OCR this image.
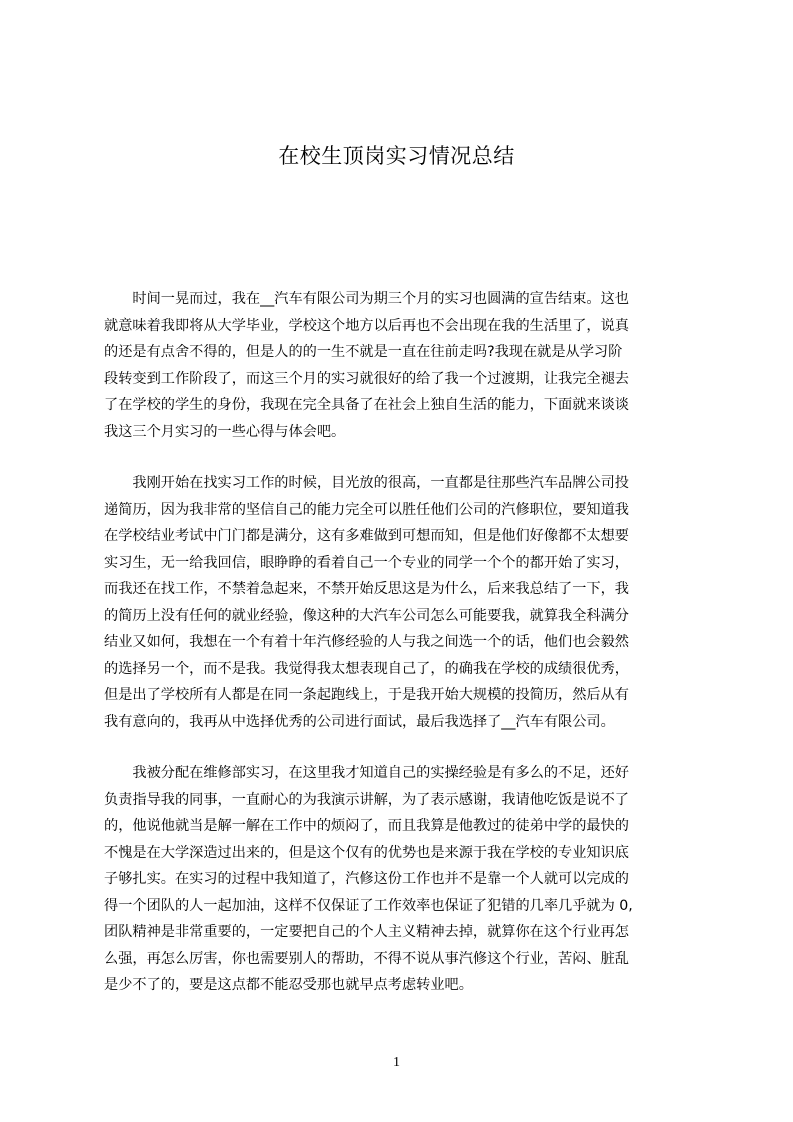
在校生顶岗实习情况总结

　　时间一晃而过，我在__汽车有限公司为期三个月的实习也圆满的宣告结束。这也
就意味着我即将从大学毕业，学校这个地方以后再也不会出现在我的生活里了，说真
的还是有点舍不得的，但是人的的一生不就是一直在往前走吗?我现在就是从学习阶
段转变到工作阶段了，而这三个月的实习就很好的给了我一个过渡期，让我完全褪去
了在学校的学生的身份，我现在完全具备了在社会上独自生活的能力，下面就来谈谈
我这三个月实习的一些心得与体会吧。

　　我刚开始在找实习工作的时候，目光放的很高，一直都是往那些汽车品牌公司投
递简历，因为我非常的坚信自己的能力完全可以胜任他们公司的汽修职位，要知道我
在学校结业考试中门门都是满分，这有多难做到可想而知，但是他们好像都不太想要
实习生，无一给我回信，眼睁睁的看着自己一个专业的同学一个个的都开始了实习，
而我还在找工作，不禁着急起来，不禁开始反思这是为什么，后来我总结了一下，我
的简历上没有任何的就业经验，像这种的大汽车公司怎么可能要我，就算我全科满分
结业又如何，我想在一个有着十年汽修经验的人与我之间选一个的话，他们也会毅然
的选择另一个，而不是我。我觉得我太想表现自己了，的确我在学校的成绩很优秀，
但是出了学校所有人都是在同一条起跑线上，于是我开始大规模的投简历，然后从有
我有意向的，我再从中选择优秀的公司进行面试，最后我选择了__汽车有限公司。

　　我被分配在维修部实习，在这里我才知道自己的实操经验是有多么的不足，还好
负责指导我的同事，一直耐心的为我演示讲解，为了表示感谢，我请他吃饭是说不了
的，他说他就当是解一解在工作中的烦闷了，而且我算是他教过的徒弟中学的最快的
不愧是在大学深造过出来的，但是这个仅有的优势也是来源于我在学校的专业知识底
子够扎实。在实习的过程中我知道了，汽修这份工作也并不是靠一个人就可以完成的
得一个团队的人一起加油，这样不仅保证了工作效率也保证了犯错的几率几乎就为 0,
团队精神是非常重要的，一定要把自己的个人主义精神去掉，就算你在这个行业再怎
么强，再怎么厉害，你也需要别人的帮助，不得不说从事汽修这个行业，苦闷、脏乱
是少不了的，要是这点都不能忍受那也就早点考虑转业吧。

1
